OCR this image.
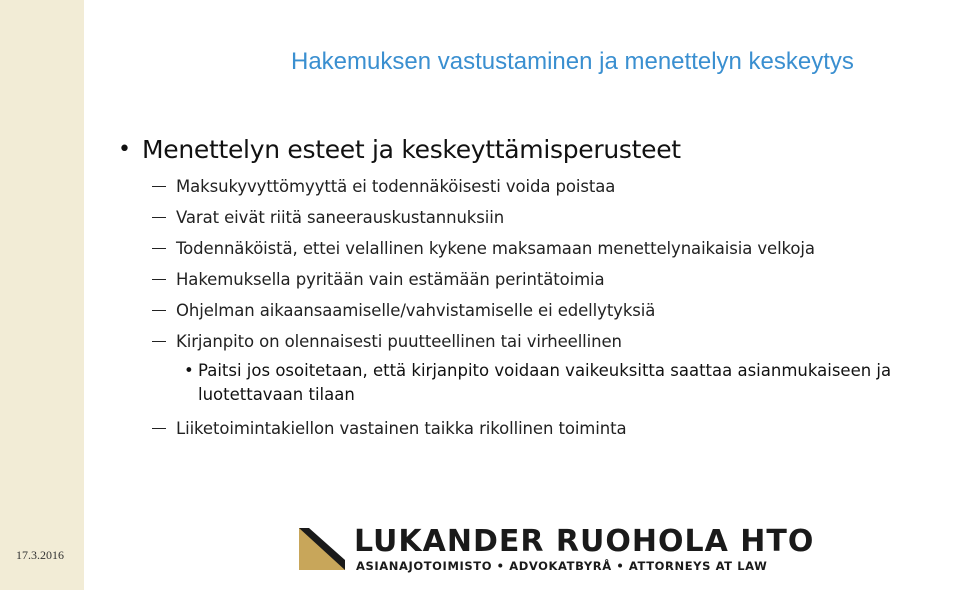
17.3.2016
Hakemuksen vastustaminen ja menettelyn keskeytys
• Menettelyn esteet ja keskeyttämisperusteet
Maksukyvyttömyyttä ei todennäköisesti voida poistaa
Varat eivät riitä saneerauskustannuksiin
Todennäköistä, ettei velallinen kykene maksamaan menettelynaikaisia velkoja
Hakemuksella pyritään vain estämään perintätoimia
Ohjelman aikaansaamiselle/vahvistamiselle ei edellytyksiä
Kirjanpito on olennaisesti puutteellinen tai virheellinen
• Paitsi jos osoitetaan, että kirjanpito voidaan vaikeuksitta saattaa asianmukaiseen ja luotettavaan tilaan
Liiketoimintakiellon vastainen taikka rikollinen toiminta
LUKANDER RUOHOLA HTO
ASIANAJOTOIMISTO • ADVOKATBYRÅ • ATTORNEYS AT LAW
